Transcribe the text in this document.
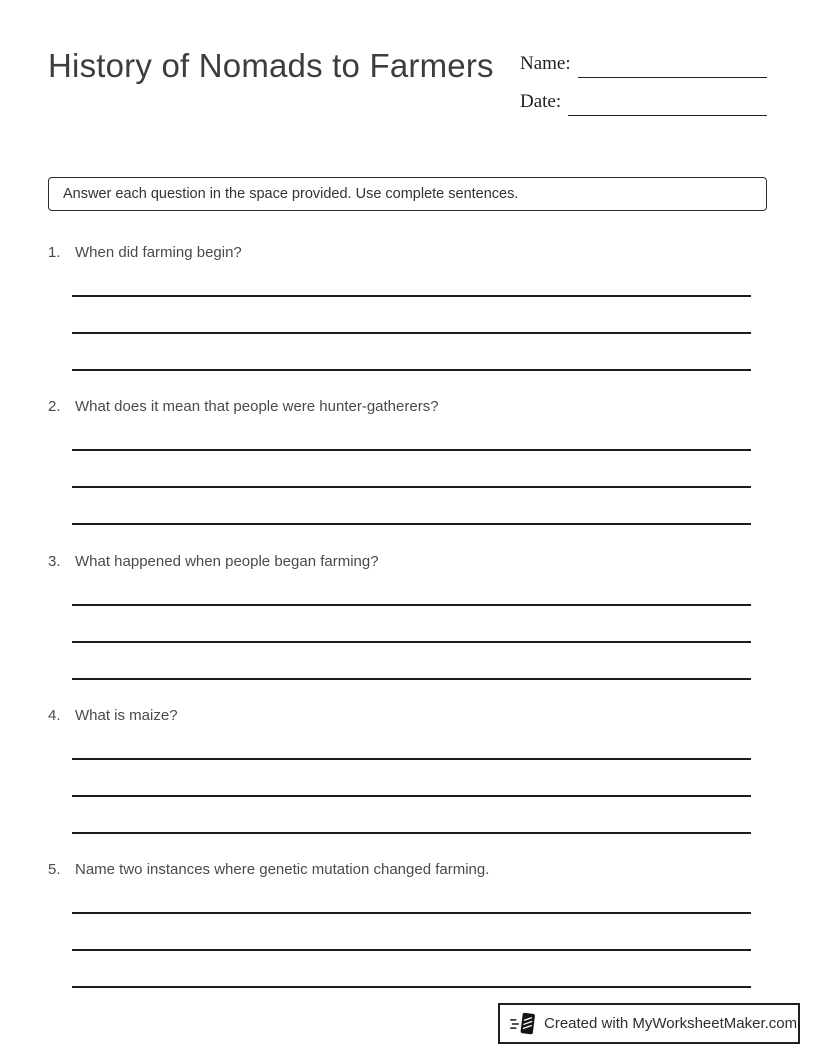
History of Nomads to Farmers	Name:
Date:
Answer each question in the space provided. Use complete sentences.
1. When did farming begin?
2. What does it mean that people were hunter-gatherers?
3. What happened when people began farming?
4. What is maize?
5. Name two instances where genetic mutation changed farming.
Created with MyWorksheetMaker.com
